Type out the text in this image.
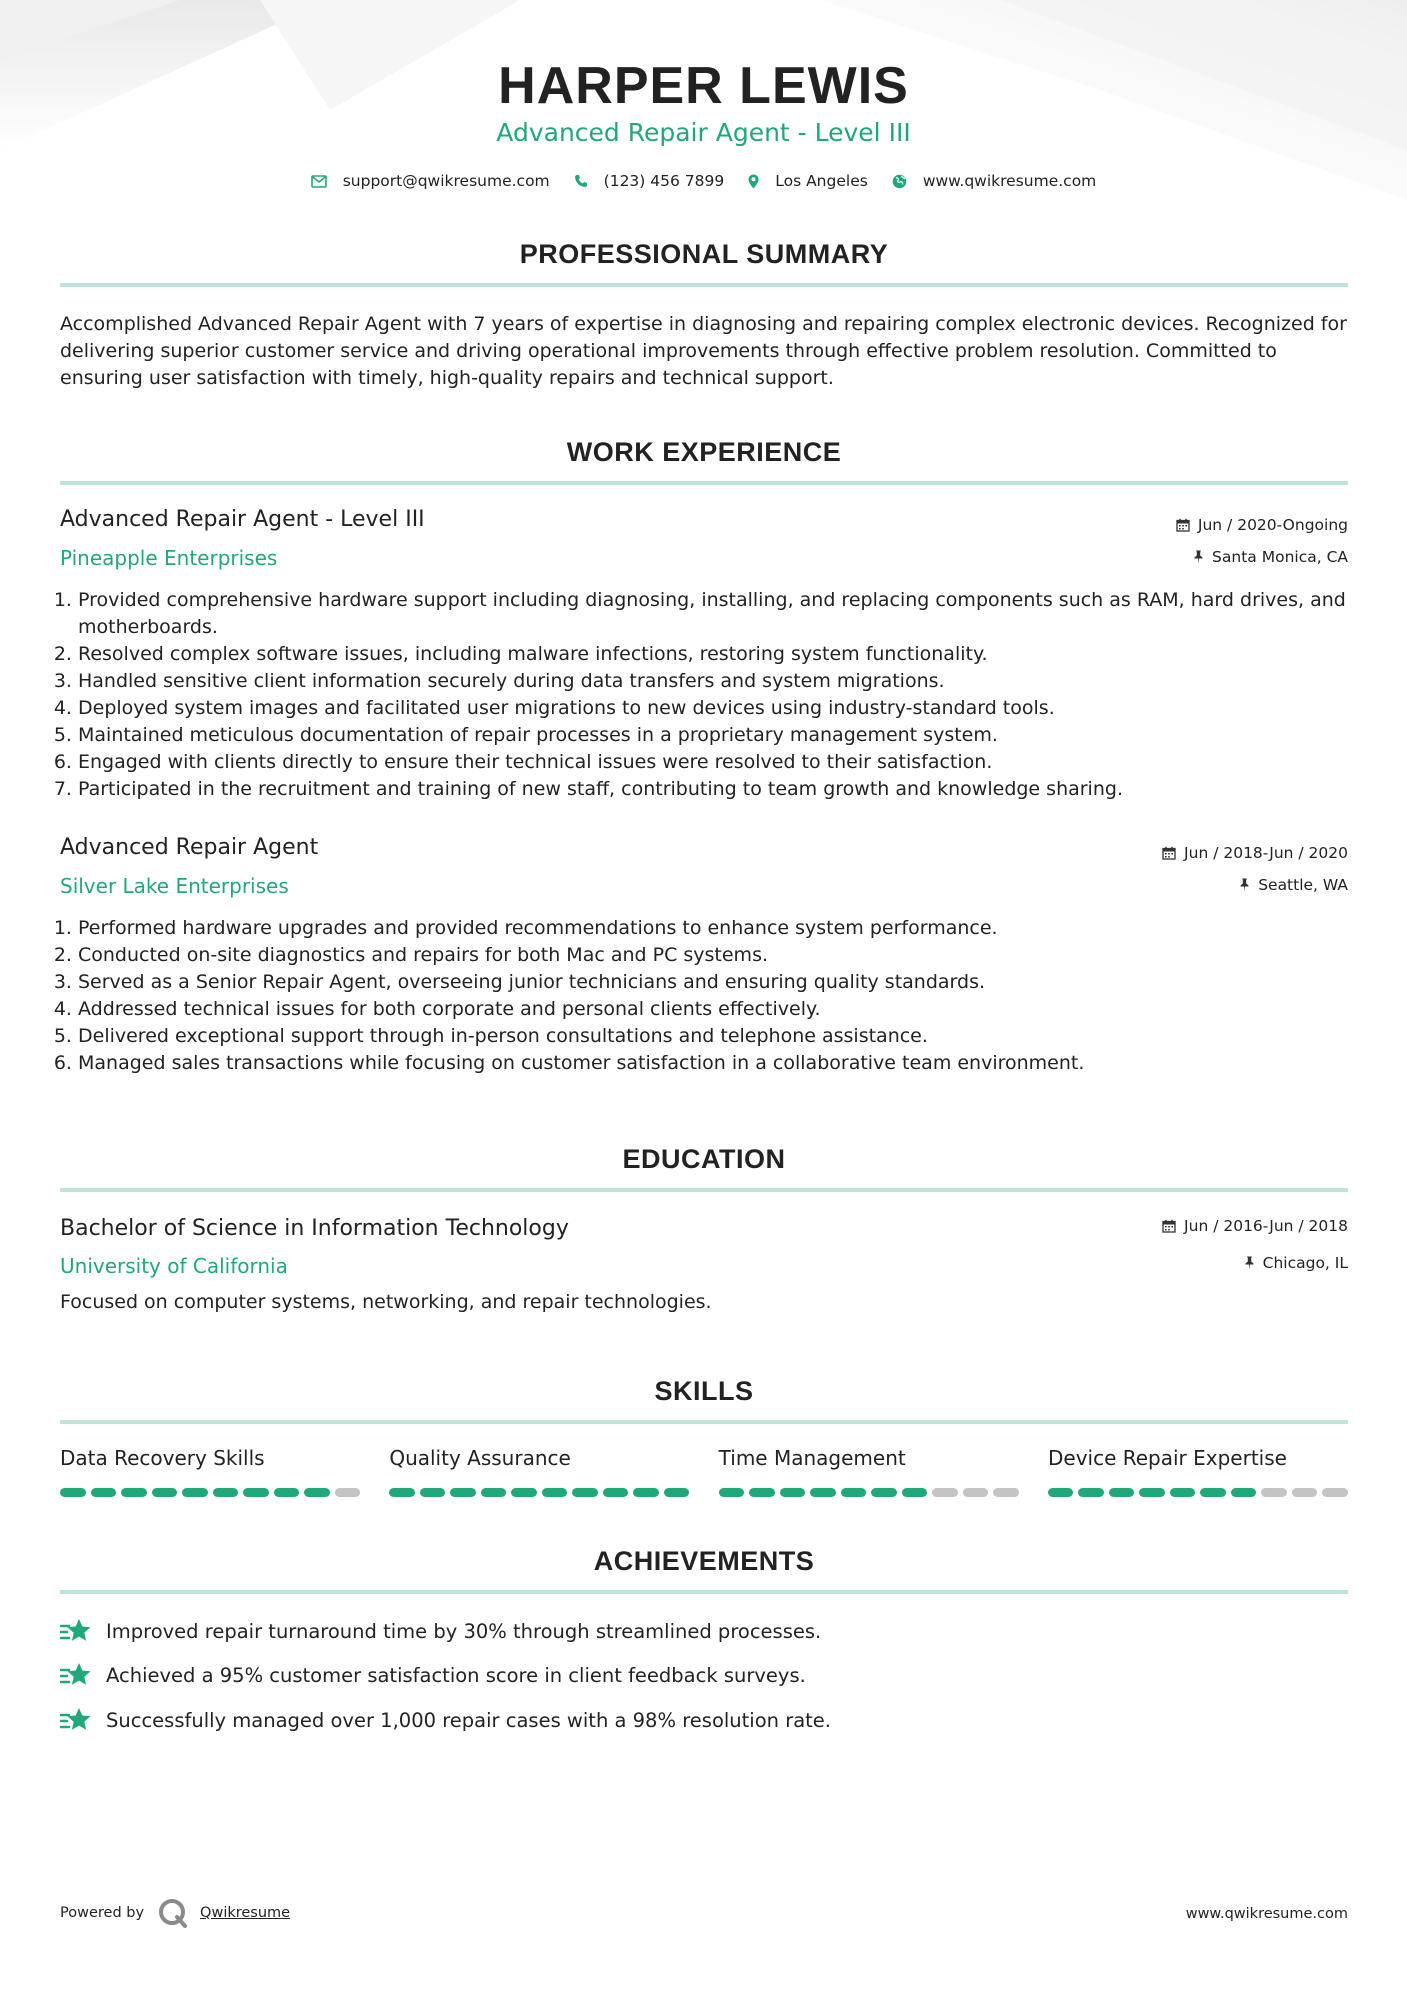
HARPER LEWIS
Advanced Repair Agent - Level III
support@qwikresume.com	(123) 456 7899	Los Angeles	www.qwikresume.com
PROFESSIONAL SUMMARY
Accomplished Advanced Repair Agent with 7 years of expertise in diagnosing and repairing complex electronic devices. Recognized for delivering superior customer service and driving operational improvements through effective problem resolution. Committed to ensuring user satisfaction with timely, high-quality repairs and technical support.
WORK EXPERIENCE
Advanced Repair Agent - Level III	Jun / 2020-Ongoing
Pineapple Enterprises	Santa Monica, CA
1. Provided comprehensive hardware support including diagnosing, installing, and replacing components such as RAM, hard drives, and motherboards.
2. Resolved complex software issues, including malware infections, restoring system functionality.
3. Handled sensitive client information securely during data transfers and system migrations.
4. Deployed system images and facilitated user migrations to new devices using industry-standard tools.
5. Maintained meticulous documentation of repair processes in a proprietary management system.
6. Engaged with clients directly to ensure their technical issues were resolved to their satisfaction.
7. Participated in the recruitment and training of new staff, contributing to team growth and knowledge sharing.
Advanced Repair Agent	Jun / 2018-Jun / 2020
Silver Lake Enterprises	Seattle, WA
1. Performed hardware upgrades and provided recommendations to enhance system performance.
2. Conducted on-site diagnostics and repairs for both Mac and PC systems.
3. Served as a Senior Repair Agent, overseeing junior technicians and ensuring quality standards.
4. Addressed technical issues for both corporate and personal clients effectively.
5. Delivered exceptional support through in-person consultations and telephone assistance.
6. Managed sales transactions while focusing on customer satisfaction in a collaborative team environment.
EDUCATION
Bachelor of Science in Information Technology	Jun / 2016-Jun / 2018
University of California	Chicago, IL
Focused on computer systems, networking, and repair technologies.
SKILLS
Data Recovery Skills	Quality Assurance	Time Management	Device Repair Expertise
ACHIEVEMENTS
Improved repair turnaround time by 30% through streamlined processes.
Achieved a 95% customer satisfaction score in client feedback surveys.
Successfully managed over 1,000 repair cases with a 98% resolution rate.
Powered by	Qwikresume	www.qwikresume.com
